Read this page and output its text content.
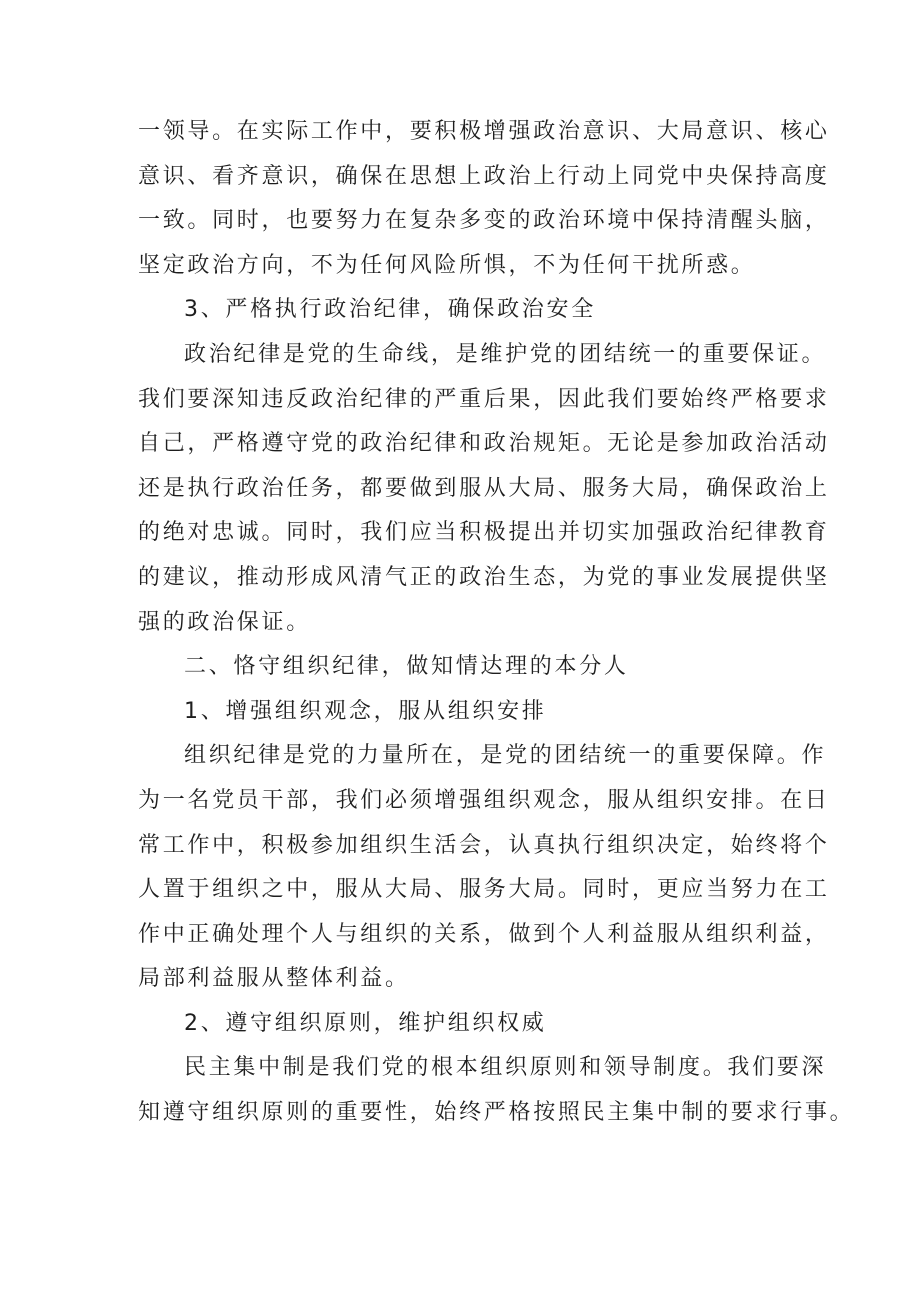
一领导。在实际工作中，要积极增强政治意识、大局意识、核心
意识、看齐意识，确保在思想上政治上行动上同党中央保持高度
一致。同时，也要努力在复杂多变的政治环境中保持清醒头脑，
坚定政治方向，不为任何风险所惧，不为任何干扰所惑。
3、严格执行政治纪律，确保政治安全
政治纪律是党的生命线，是维护党的团结统一的重要保证。
我们要深知违反政治纪律的严重后果，因此我们要始终严格要求
自己，严格遵守党的政治纪律和政治规矩。无论是参加政治活动
还是执行政治任务，都要做到服从大局、服务大局，确保政治上
的绝对忠诚。同时，我们应当积极提出并切实加强政治纪律教育
的建议，推动形成风清气正的政治生态，为党的事业发展提供坚
强的政治保证。
二、恪守组织纪律，做知情达理的本分人
1、增强组织观念，服从组织安排
组织纪律是党的力量所在，是党的团结统一的重要保障。作
为一名党员干部，我们必须增强组织观念，服从组织安排。在日
常工作中，积极参加组织生活会，认真执行组织决定，始终将个
人置于组织之中，服从大局、服务大局。同时，更应当努力在工
作中正确处理个人与组织的关系，做到个人利益服从组织利益，
局部利益服从整体利益。
2、遵守组织原则，维护组织权威
民主集中制是我们党的根本组织原则和领导制度。我们要深
知遵守组织原则的重要性，始终严格按照民主集中制的要求行事。
